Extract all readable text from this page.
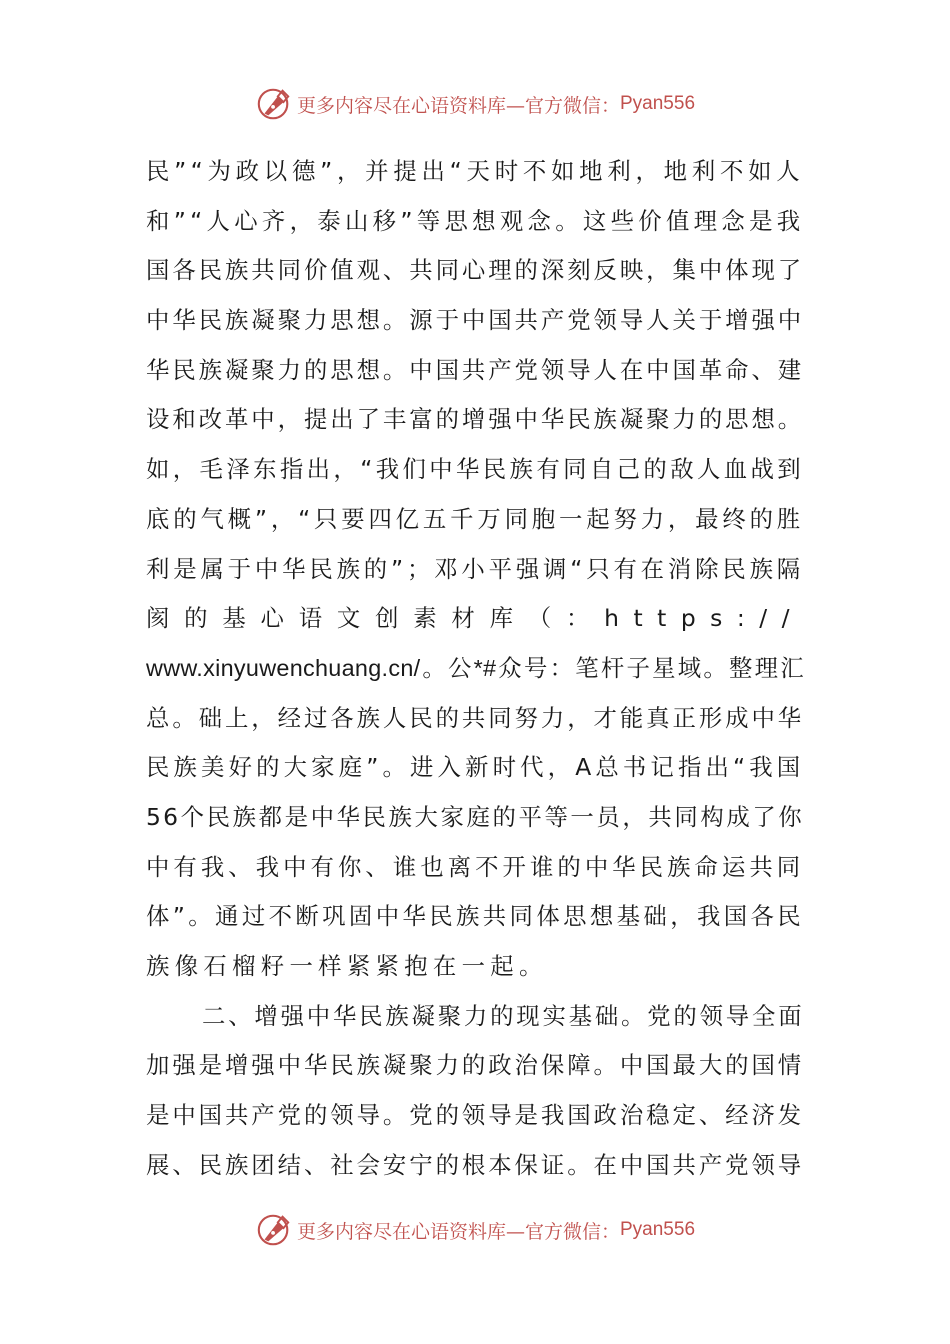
更多内容尽在心语资料库—官方微信： Pyan556
民”“为政以德”，并提出“天时不如地利，地利不如人
和”“人心齐，泰山移”等思想观念。这些价值理念是我
国各民族共同价值观、共同心理的深刻反映，集中体现了
中华民族凝聚力思想。源于中国共产党领导人关于增强中
华民族凝聚力的思想。中国共产党领导人在中国革命、建
设和改革中，提出了丰富的增强中华民族凝聚力的思想。
如，毛泽东指出，“我们中华民族有同自己的敌人血战到
底的气概”，“只要四亿五千万同胞一起努力，最终的胜
利是属于中华民族的”；邓小平强调“只有在消除民族隔
阂的基心语文创素材库（：https://
www.xinyuwenchuang.cn/。公*#众号：笔杆子星域。整理汇
总。础上，经过各族人民的共同努力，才能真正形成中华
民族美好的大家庭”。进入新时代，A总书记指出“我国
56个民族都是中华民族大家庭的平等一员，共同构成了你
中有我、我中有你、谁也离不开谁的中华民族命运共同
体”。通过不断巩固中华民族共同体思想基础，我国各民
族像石榴籽一样紧紧抱在一起。
二、增强中华民族凝聚力的现实基础。党的领导全面
加强是增强中华民族凝聚力的政治保障。中国最大的国情
是中国共产党的领导。党的领导是我国政治稳定、经济发
展、民族团结、社会安宁的根本保证。在中国共产党领导
更多内容尽在心语资料库—官方微信： Pyan556
